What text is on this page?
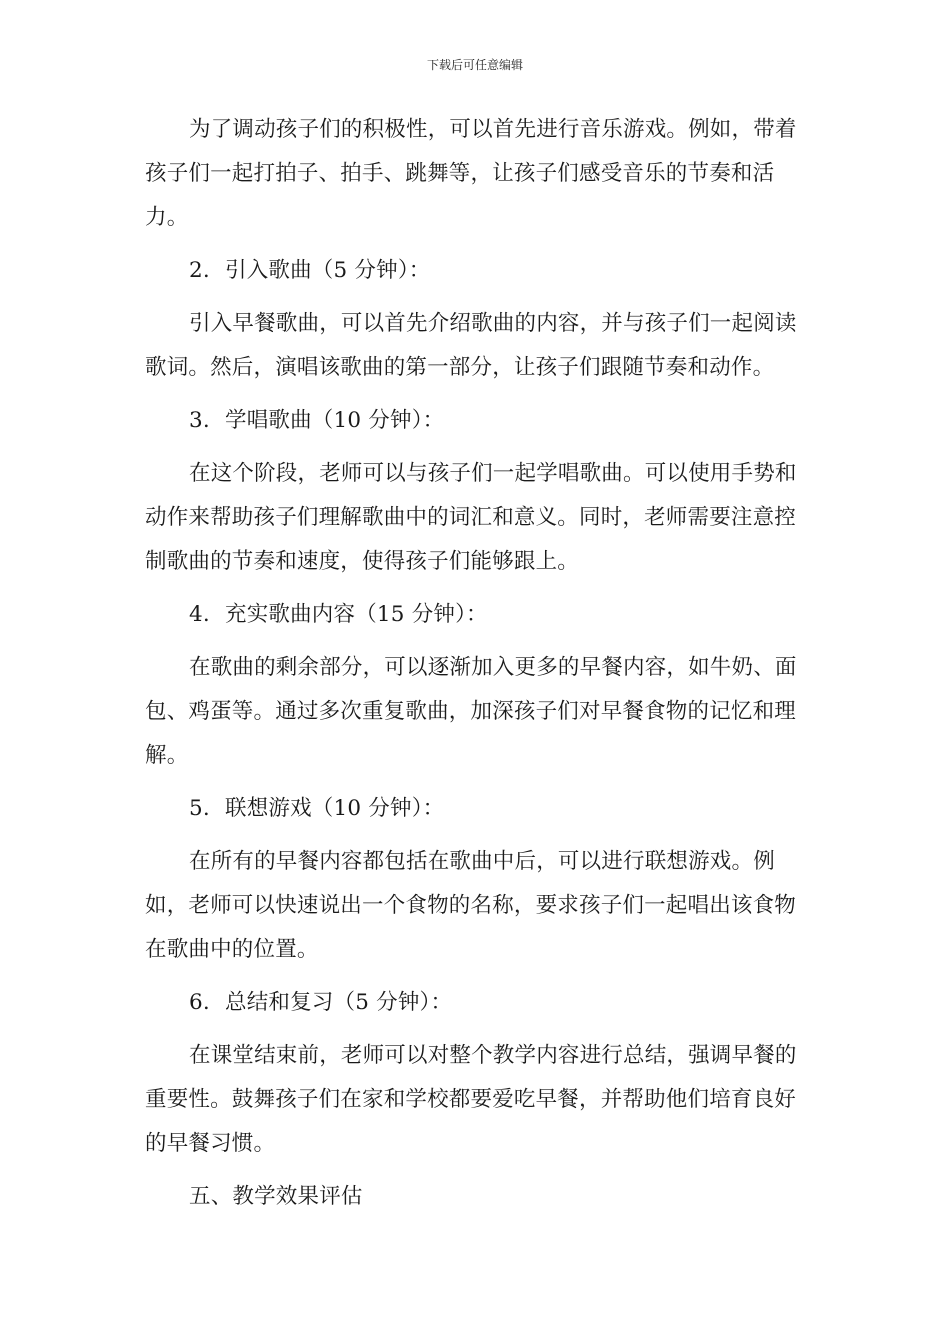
下载后可任意编辑

为了调动孩子们的积极性，可以首先进行音乐游戏。例如，带着孩子们一起打拍子、拍手、跳舞等，让孩子们感受音乐的节奏和活力。

2. 引入歌曲（5 分钟）：

引入早餐歌曲，可以首先介绍歌曲的内容，并与孩子们一起阅读歌词。然后，演唱该歌曲的第一部分，让孩子们跟随节奏和动作。

3. 学唱歌曲（10 分钟）：

在这个阶段，老师可以与孩子们一起学唱歌曲。可以使用手势和动作来帮助孩子们理解歌曲中的词汇和意义。同时，老师需要注意控制歌曲的节奏和速度，使得孩子们能够跟上。

4. 充实歌曲内容（15 分钟）：

在歌曲的剩余部分，可以逐渐加入更多的早餐内容，如牛奶、面包、鸡蛋等。通过多次重复歌曲，加深孩子们对早餐食物的记忆和理解。

5. 联想游戏（10 分钟）：

在所有的早餐内容都包括在歌曲中后，可以进行联想游戏。例如，老师可以快速说出一个食物的名称，要求孩子们一起唱出该食物在歌曲中的位置。

6. 总结和复习（5 分钟）：

在课堂结束前，老师可以对整个教学内容进行总结，强调早餐的重要性。鼓舞孩子们在家和学校都要爱吃早餐，并帮助他们培育良好的早餐习惯。

五、教学效果评估
